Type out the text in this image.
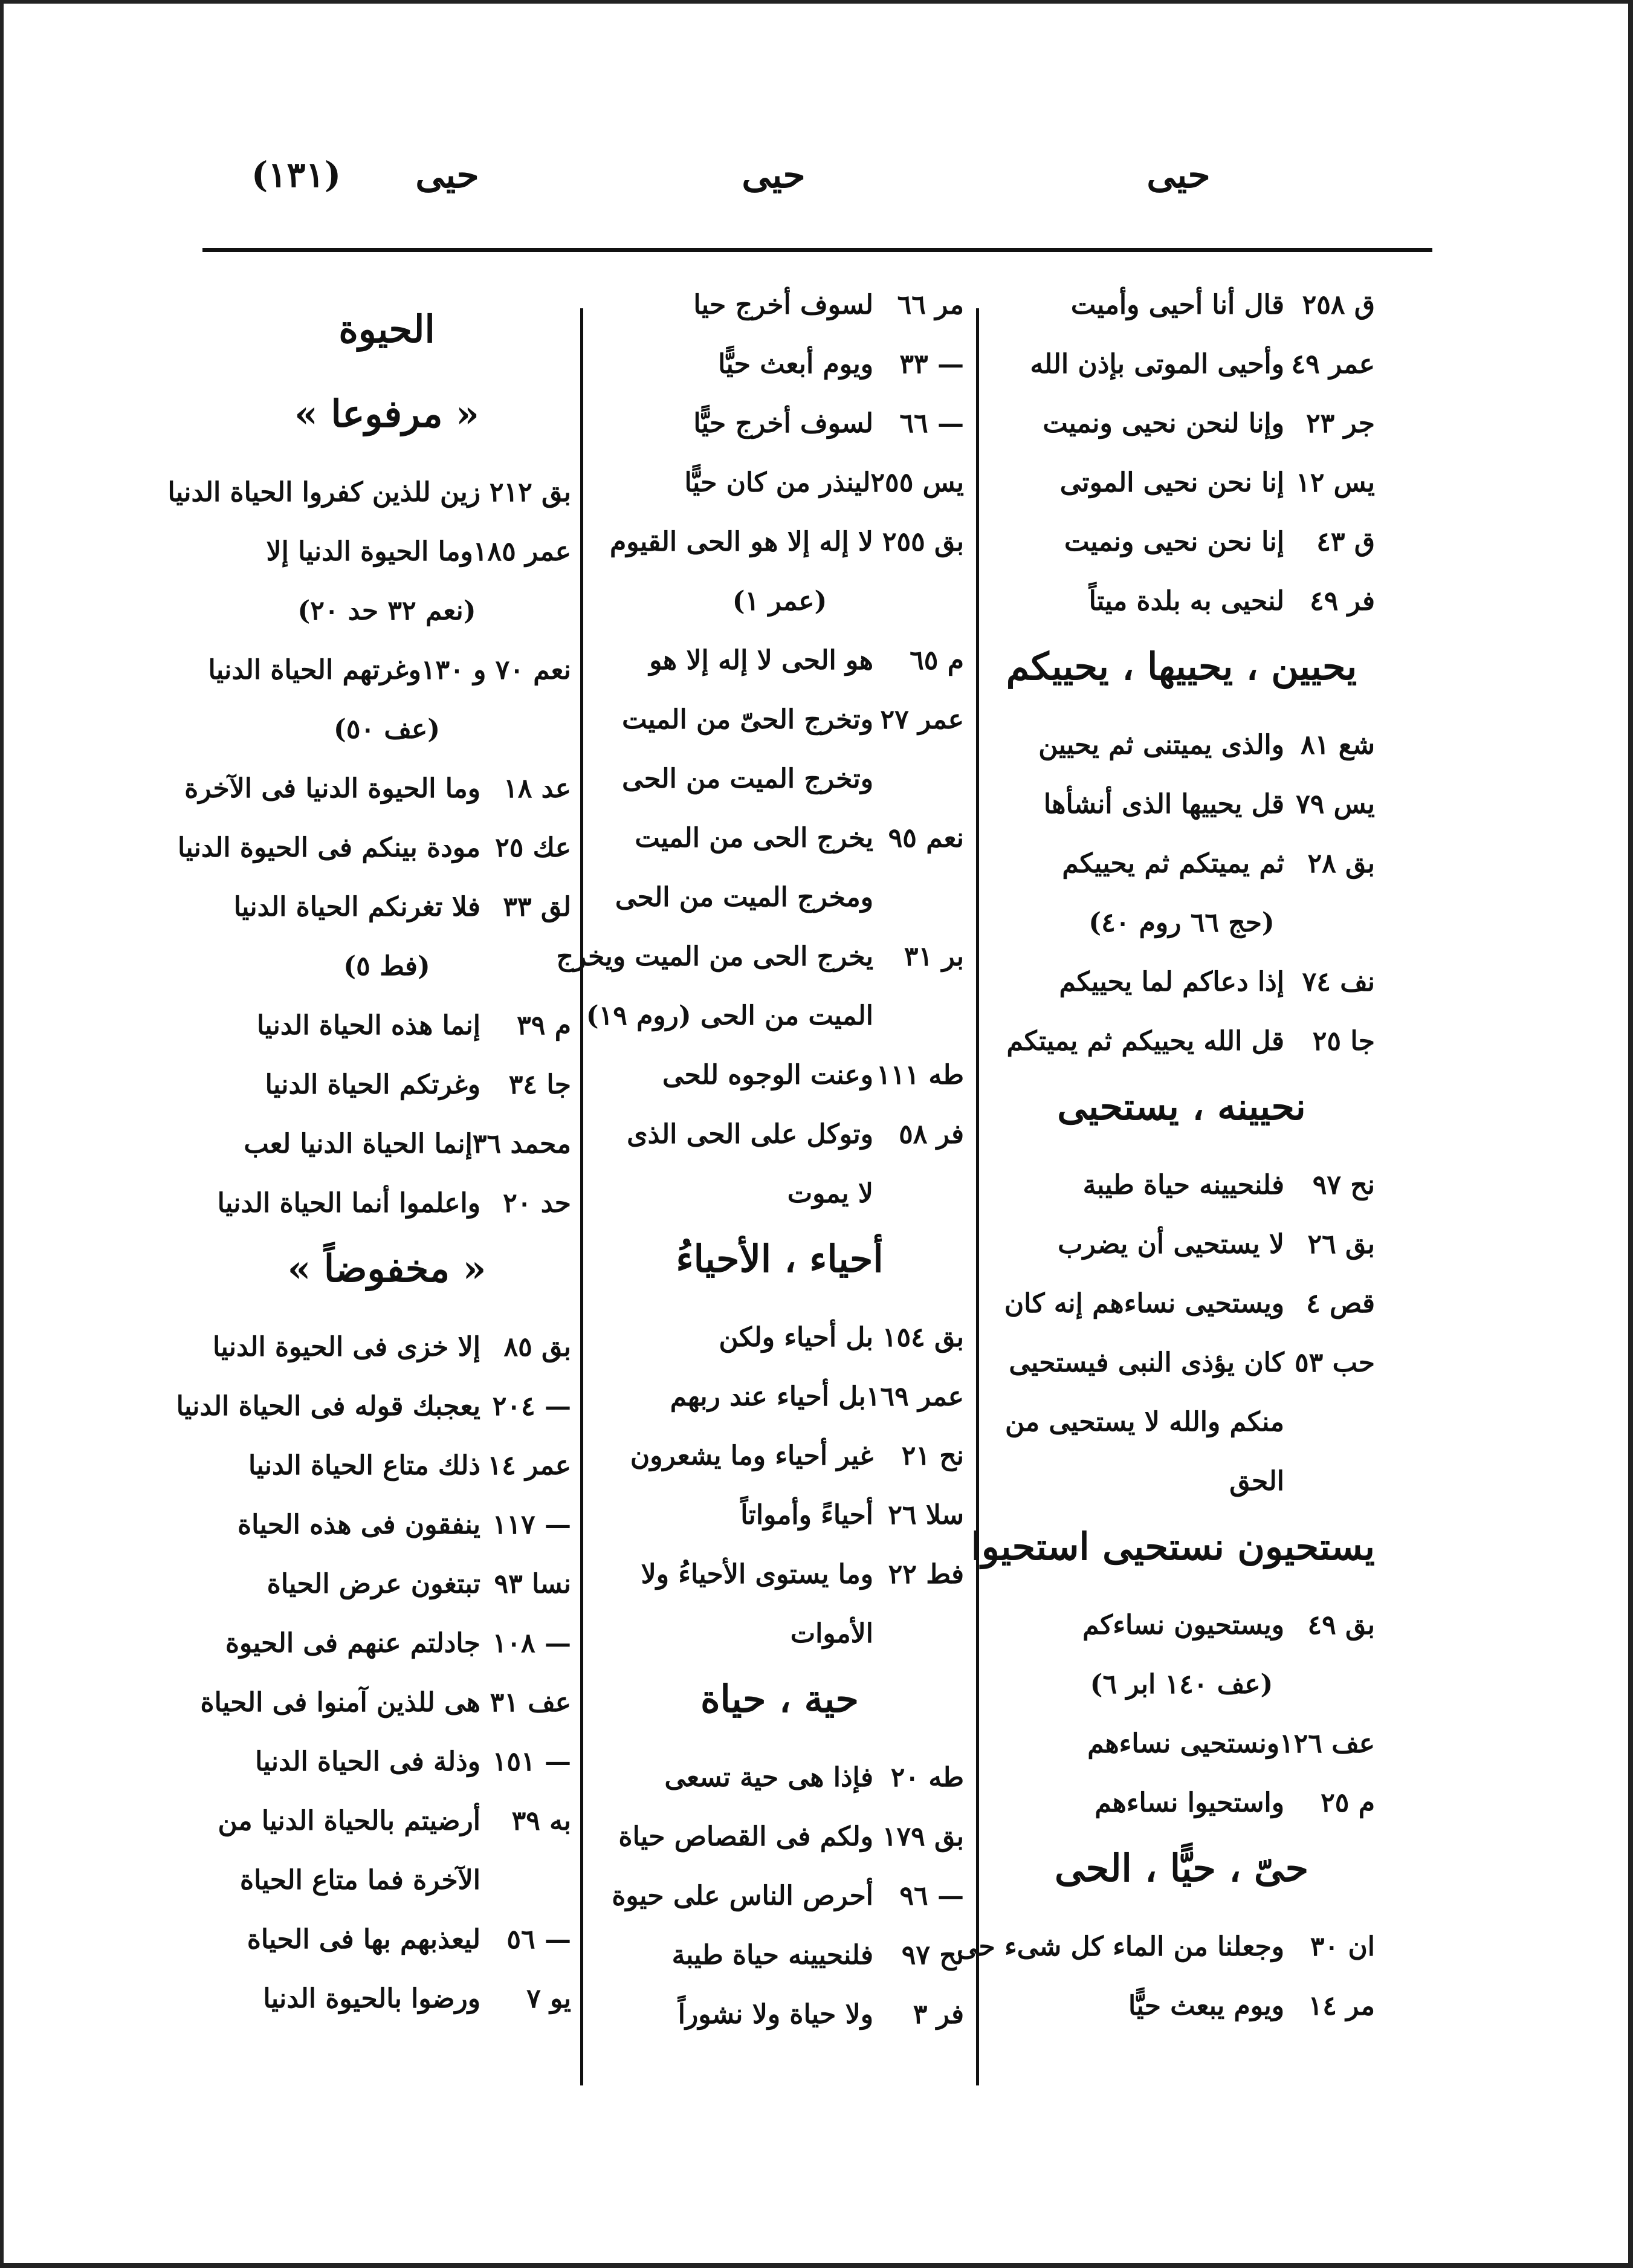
حيى
حيى
حيى
(١٣١)
ق ٢٥٨قال أنا أحيى وأميت
عمر ٤٩وأحيى الموتى بإذن الله
جر ٢٣وإنا لنحن نحيى ونميت
يس ١٢إنا نحن نحيى الموتى
ق ٤٣إنا نحن نحيى ونميت
فر ٤٩لنحيى به بلدة ميتاً
يحيين ، يحييها ، يحييكم
شع ٨١والذى يميتنى ثم يحيين
يس ٧٩قل يحييها الذى أنشأها
بق ٢٨ثم يميتكم ثم يحييكم
(حج ٦٦ روم ٤٠)
نف ٧٤إذا دعاكم لما يحييكم
جا ٢٥قل الله يحييكم ثم يميتكم
نحيينه ، يستحيى
نح ٩٧فلنحيينه حياة طيبة
بق ٢٦لا يستحيى أن يضرب
قص ٤ويستحيى نساءهم إنه كان
حب ٥٣كان يؤذى النبى فيستحيى
منكم والله لا يستحيى من
الحق
يستحيون نستحيى استحيوا
بق ٤٩ويستحيون نساءكم
(عف ١٤٠ ابر ٦)
عف ١٢٦ونستحيى نساءهم
م ٢٥واستحيوا نساءهم
حىّ ، حيًّا ، الحى
ان ٣٠وجعلنا من الماء كل شىء حى
مر ١٤ويوم يبعث حيًّا
مر ٦٦لسوف أخرج حيا
— ٣٣ويوم أبعث حيًّا
— ٦٦لسوف أخرج حيًّا
يس ٢٥٥لينذر من كان حيًّا
بق ٢٥٥لا إله إلا هو الحى القيوم
(عمر ١)
م ٦٥هو الحى لا إله إلا هو
عمر ٢٧وتخرج الحىّ من الميت
وتخرج الميت من الحى
نعم ٩٥يخرج الحى من الميت
ومخرج الميت من الحى
بر ٣١يخرج الحى من الميت ويخرج
الميت من الحى (روم ١٩)
طه ١١١وعنت الوجوه للحى
فر ٥٨وتوكل على الحى الذى
لا يموت
أحياء ، الأحياءُ
بق ١٥٤بل أحياء ولكن
عمر ١٦٩بل أحياء عند ربهم
نح ٢١غير أحياء وما يشعرون
سلا ٢٦أحياءً وأمواتاً
فط ٢٢وما يستوى الأحياءُ ولا
الأموات
حية ، حياة
طه ٢٠فإذا هى حية تسعى
بق ١٧٩ولكم فى القصاص حياة
— ٩٦أحرص الناس على حيوة
نح ٩٧فلنحيينه حياة طيبة
فر ٣ولا حياة ولا نشوراً
الحيوة
« مرفوعا »
بق ٢١٢زين للذين كفروا الحياة الدنيا
عمر ١٨٥وما الحيوة الدنيا إلا
(نعم ٣٢ حد ٢٠)
نعم ٧٠ و ١٣٠وغرتهم الحياة الدنيا
(عف ٥٠)
عد ١٨وما الحيوة الدنيا فى الآخرة
عك ٢٥مودة بينكم فى الحيوة الدنيا
لق ٣٣فلا تغرنكم الحياة الدنيا
(فط ٥)
م ٣٩إنما هذه الحياة الدنيا
جا ٣٤وغرتكم الحياة الدنيا
محمد ٣٦إنما الحياة الدنيا لعب
حد ٢٠واعلموا أنما الحياة الدنيا
« مخفوضاً »
بق ٨٥إلا خزى فى الحيوة الدنيا
— ٢٠٤يعجبك قوله فى الحياة الدنيا
عمر ١٤ذلك متاع الحياة الدنيا
— ١١٧ينفقون فى هذه الحياة
نسا ٩٣تبتغون عرض الحياة
— ١٠٨جادلتم عنهم فى الحيوة
عف ٣١هى للذين آمنوا فى الحياة
— ١٥١وذلة فى الحياة الدنيا
به ٣٩أرضيتم بالحياة الدنيا من
الآخرة فما متاع الحياة
— ٥٦ليعذبهم بها فى الحياة
يو ٧ورضوا بالحيوة الدنيا
